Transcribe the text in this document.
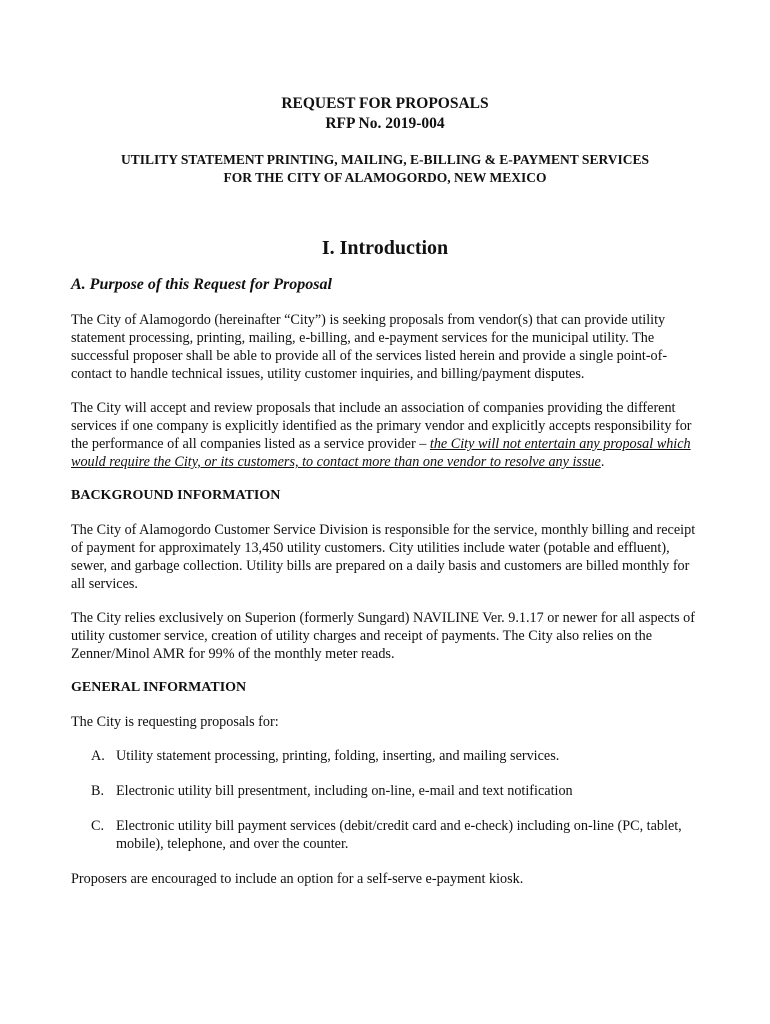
REQUEST FOR PROPOSALS
RFP No. 2019-004
UTILITY STATEMENT PRINTING, MAILING, E-BILLING & E-PAYMENT SERVICES
FOR THE CITY OF ALAMOGORDO, NEW MEXICO
I. Introduction
A. Purpose of this Request for Proposal

The City of Alamogordo (hereinafter “City”) is seeking proposals from vendor(s) that can provide utility statement processing, printing, mailing, e-billing, and e-payment services for the municipal utility. The successful proposer shall be able to provide all of the services listed herein and provide a single point-of-contact to handle technical issues, utility customer inquiries, and billing/payment disputes.

The City will accept and review proposals that include an association of companies providing the different services if one company is explicitly identified as the primary vendor and explicitly accepts responsibility for the performance of all companies listed as a service provider – the City will not entertain any proposal which would require the City, or its customers, to contact more than one vendor to resolve any issue.

BACKGROUND INFORMATION

The City of Alamogordo Customer Service Division is responsible for the service, monthly billing and receipt of payment for approximately 13,450 utility customers. City utilities include water (potable and effluent), sewer, and garbage collection. Utility bills are prepared on a daily basis and customers are billed monthly for all services.

The City relies exclusively on Superion (formerly Sungard) NAVILINE Ver. 9.1.17 or newer for all aspects of utility customer service, creation of utility charges and receipt of payments. The City also relies on the Zenner/Minol AMR for 99% of the monthly meter reads.

GENERAL INFORMATION

The City is requesting proposals for:

A. Utility statement processing, printing, folding, inserting, and mailing services.
B. Electronic utility bill presentment, including on-line, e-mail and text notification
C. Electronic utility bill payment services (debit/credit card and e-check) including on-line (PC, tablet, mobile), telephone, and over the counter.

Proposers are encouraged to include an option for a self-serve e-payment kiosk.
